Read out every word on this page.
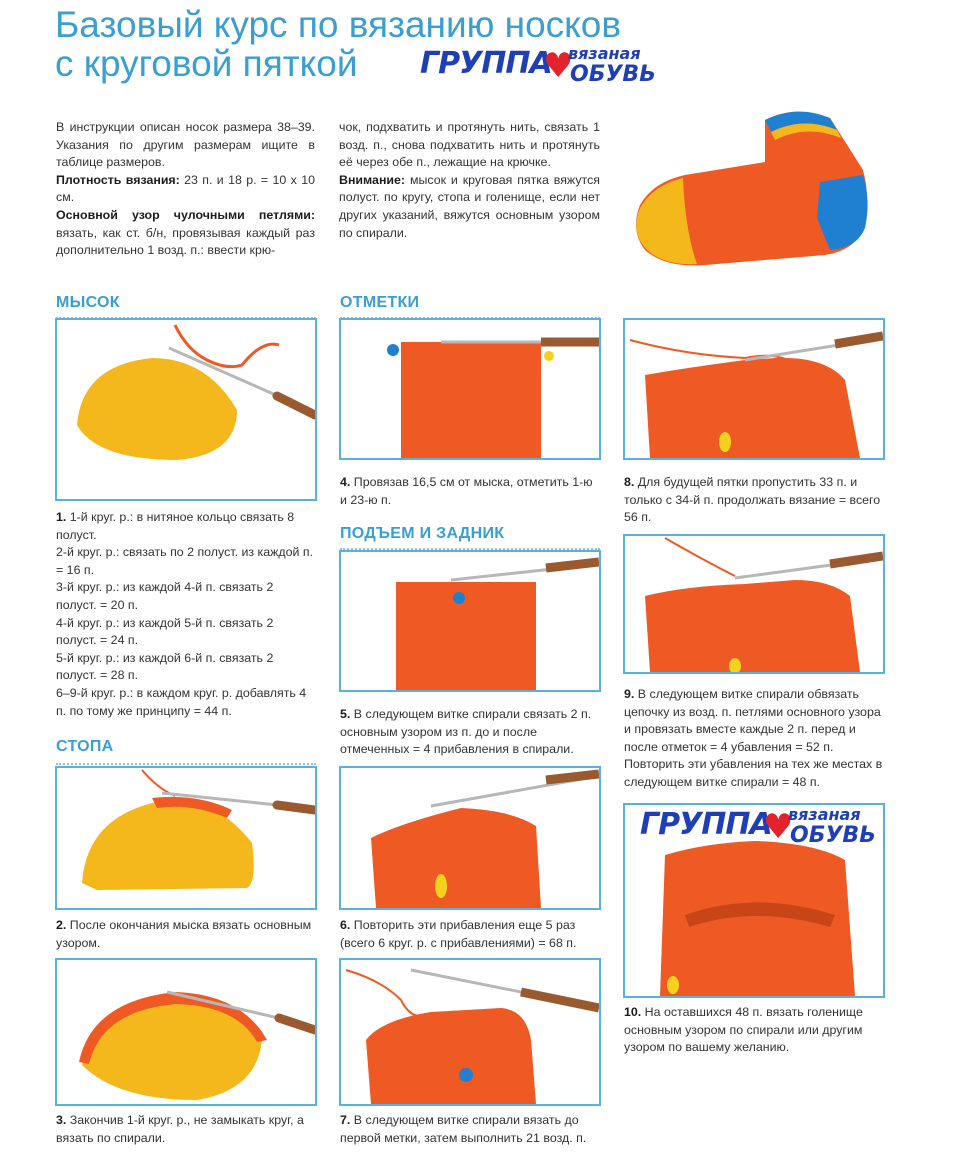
Базовый курс по вязанию носков
с круговой пяткой	ГРУППА
♥
вязаная
ОБУВЬ
В инструкции описан носок размера 38–39. Указания по другим размерам ищите в таблице размеров.
Плотность вязания: 23 п. и 18 р. = 10 х 10 см.
Основной узор чулочными петлями: вязать, как ст. б/н, провязывая каждый раз дополнительно 1 возд. п.: ввести крю-
чок, подхватить и протянуть нить, связать 1 возд. п., снова подхватить нить и протянуть её через обе п., лежащие на крючке.
Внимание: мысок и круговая пятка вяжутся полуст. по кругу, стопа и голенище, если нет других указаний, вяжутся основным узором по спирали.
МЫСОК

1. 1-й круг. р.: в нитяное кольцо связать 8 полуст.

2-й круг. р.: связать по 2 полуст. из каждой п. = 16 п.

3-й круг. р.: из каждой 4-й п. связать 2 полуст. = 20 п.

4-й круг. р.: из каждой 5-й п. связать 2 полуст. = 24 п.

5-й круг. р.: из каждой 6-й п. связать 2 полуст. = 28 п.

6–9-й круг. р.: в каждом круг. р. добавлять 4 п. по тому же принципу = 44 п.

СТОПА
2. После окончания мыска вязать основным узором.
3. Закончив 1-й круг. р., не замыкать круг, а вязать по спирали.
ОТМЕТКИ
4. Провязав 16,5 см от мыска, отметить 1-ю и 23-ю п.
ПОДЪЕМ И ЗАДНИК
5. В следующем витке спирали связать 2 п. основным узором из п. до и после отмеченных = 4 прибавления в спирали.
6. Повторить эти прибавления еще 5 раз (всего 6 круг. р. с прибавлениями) = 68 п.
7. В следующем витке спирали вязать до первой метки, затем выполнить 21 возд. п.
8. Для будущей пятки пропустить 33 п. и только с 34-й п. продолжать вязание = всего 56 п.
9. В следующем витке спирали обвязать цепочку из возд. п. петлями основного узора и провязать вместе каждые 2 п. перед и после отметок = 4 убавления = 52 п. Повторить эти убавления на тех же местах в следующем витке спирали = 48 п.
ГРУППА
♥
вязаная
ОБУВЬ
10. На оставшихся 48 п. вязать голенище основным узором по спирали или другим узором по вашему желанию.
